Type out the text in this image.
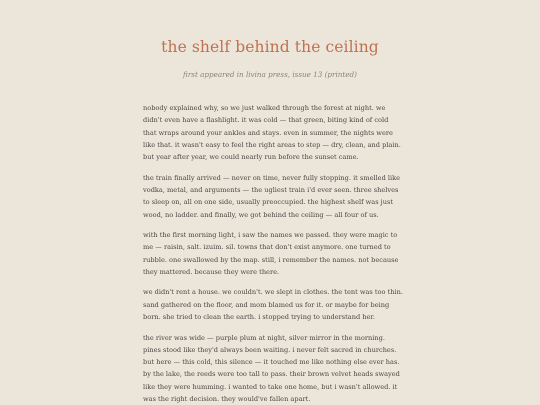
the shelf behind the ceiling

first appeared in livina press, issue 13 (printed)

nobody explained why, so we just walked through the forest at night. we didn't even have a flashlight. it was cold — that green, biting kind of cold that wraps around your ankles and stays. even in summer, the nights were like that. it wasn't easy to feel the right areas to step — dry, clean, and plain. but year after year, we could nearly run before the sunset came.

the train finally arrived — never on time, never fully stopping. it smelled like vodka, metal, and arguments — the ugliest train i'd ever seen. three shelves to sleep on, all on one side, usually preoccupied. the highest shelf was just wood, no ladder. and finally, we got behind the ceiling — all four of us.

with the first morning light, i saw the names we passed. they were magic to me — raisin, salt. izuim. sil. towns that don't exist anymore. one turned to rubble. one swallowed by the map. still, i remember the names. not because they mattered. because they were there.

we didn't rent a house. we couldn't. we slept in clothes. the tent was too thin. sand gathered on the floor, and mom blamed us for it. or maybe for being born. she tried to clean the earth. i stopped trying to understand her.

the river was wide — purple plum at night, silver mirror in the morning. pines stood like they'd always been waiting. i never felt sacred in churches. but here — this cold, this silence — it touched me like nothing else ever has. by the lake, the reeds were too tall to pass. their brown velvet heads swayed like they were humming. i wanted to take one home, but i wasn't allowed. it was the right decision. they would've fallen apart.
